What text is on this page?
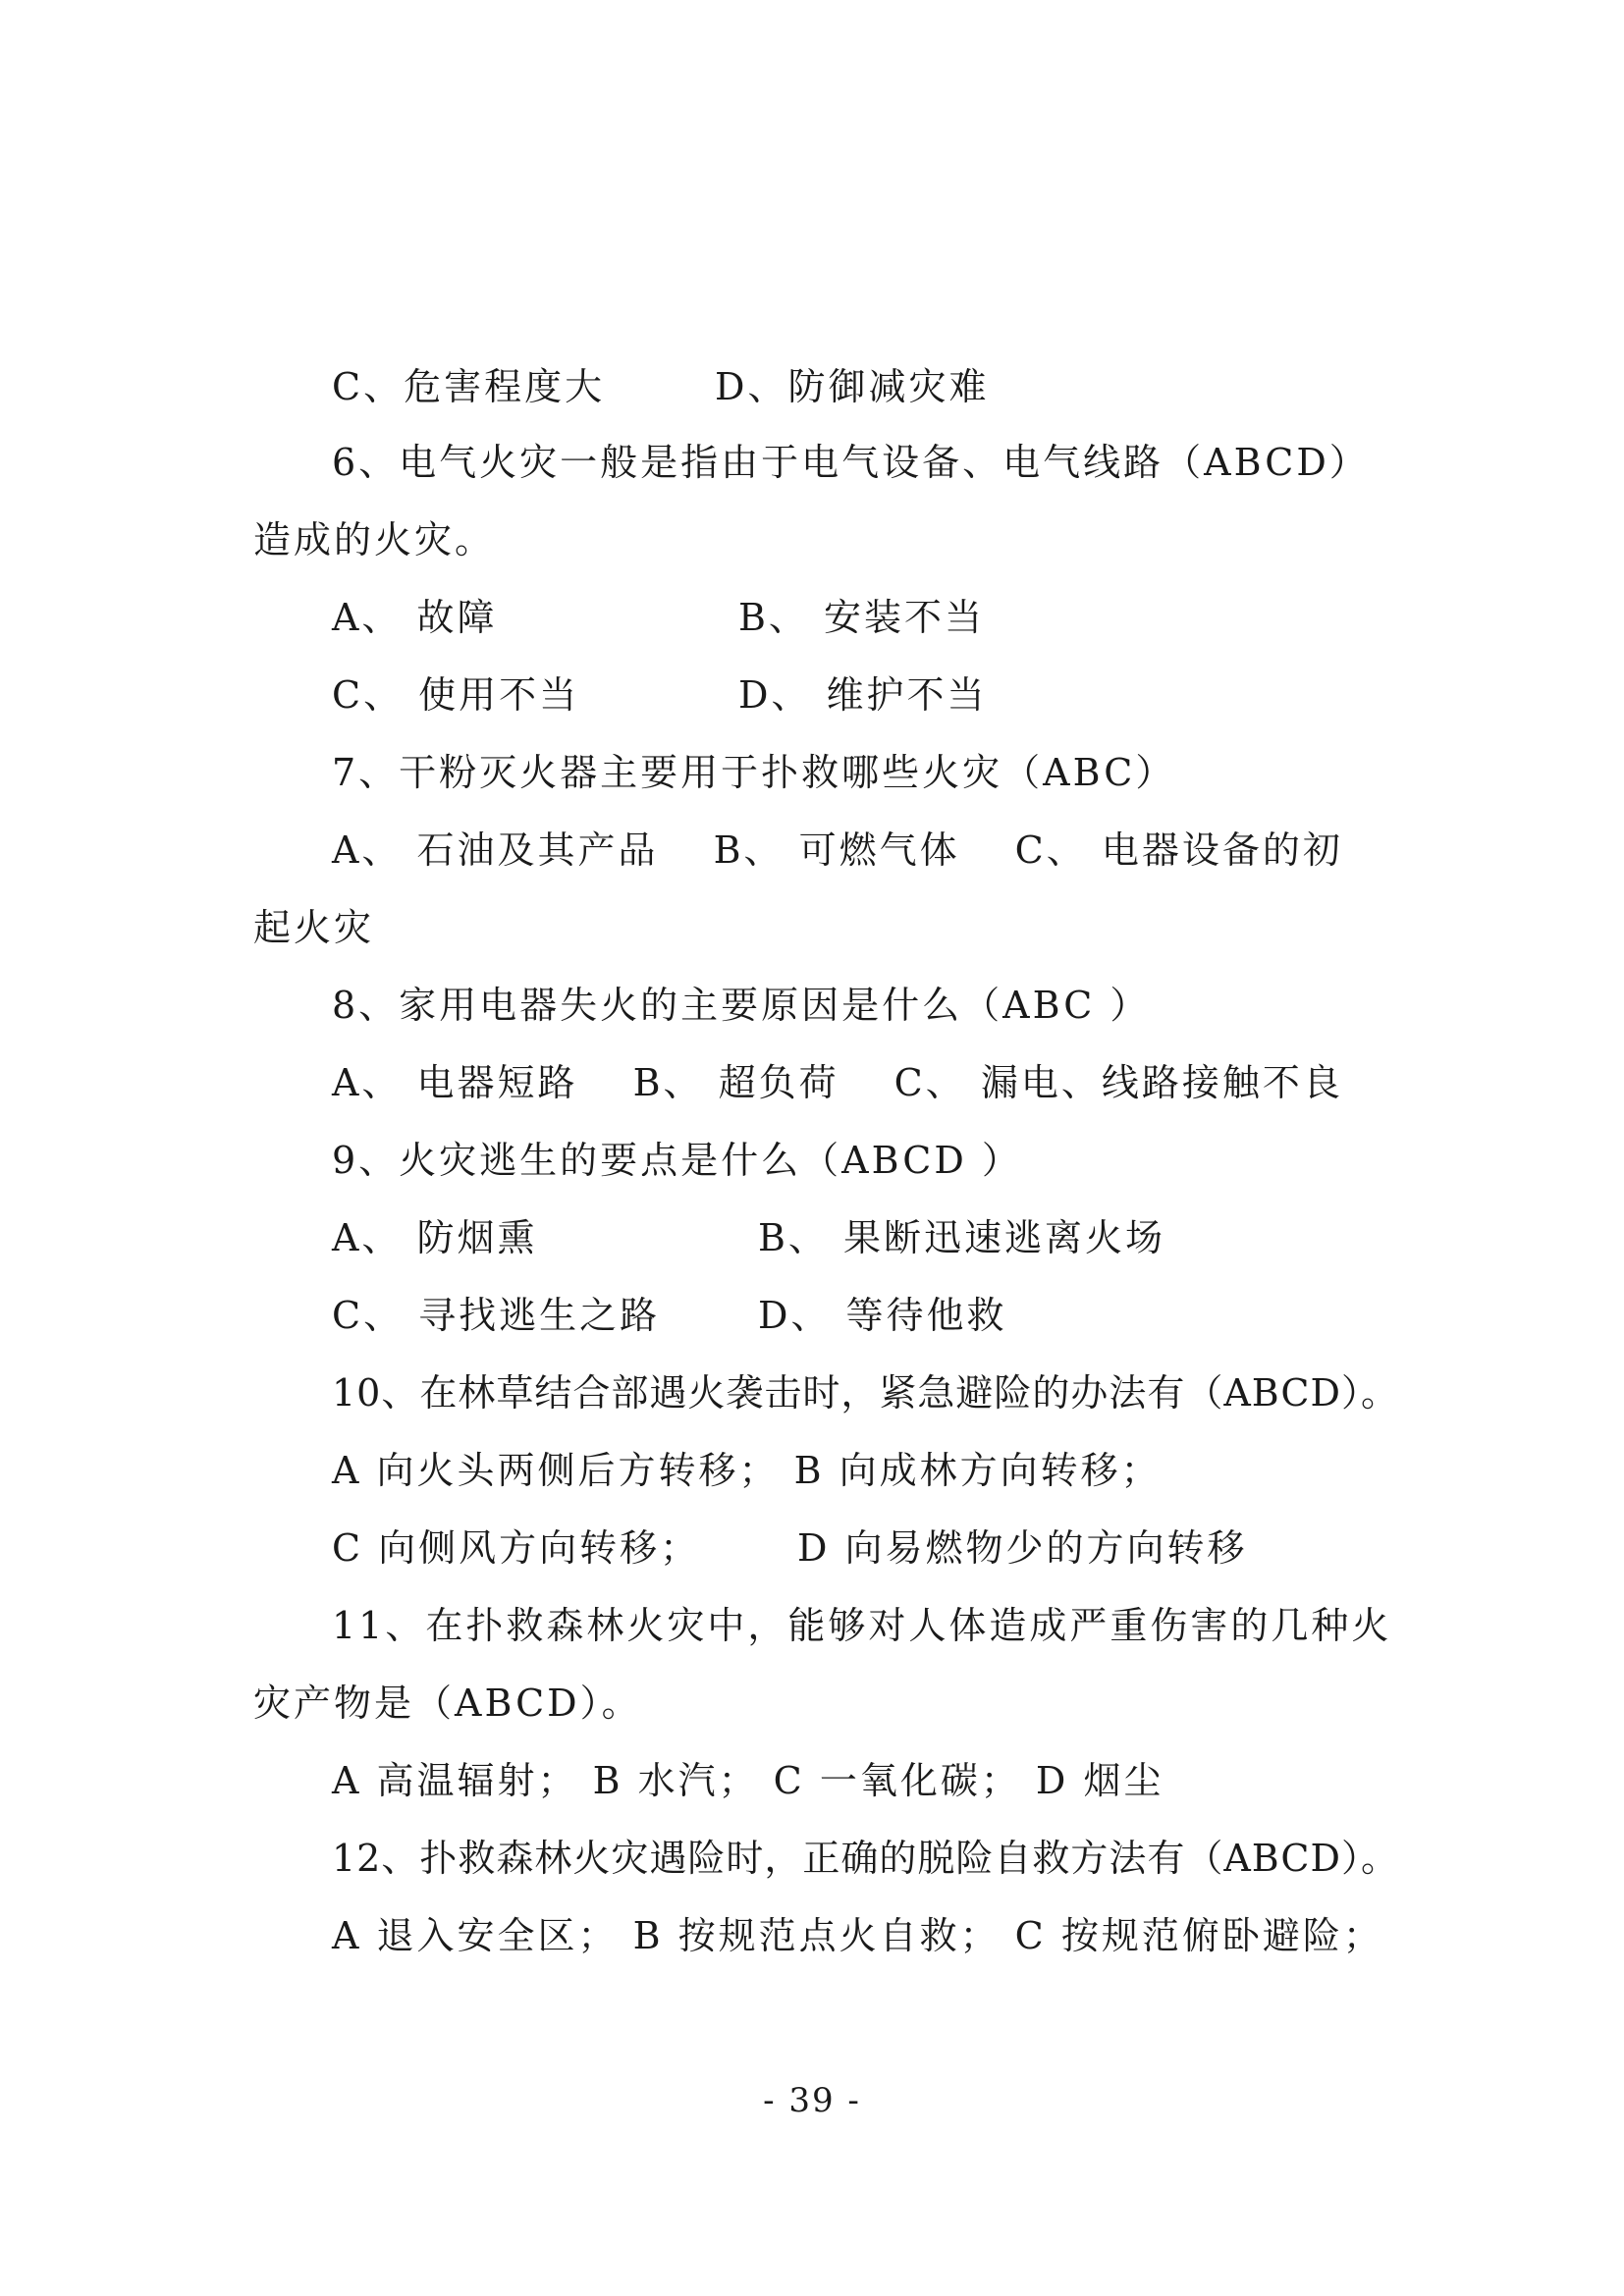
C、危害程度大	D、防御减灾难
6、电气火灾一般是指由于电气设备、电气线路（ABCD）
造成的火灾。
A、 故障	B、 安装不当
C、 使用不当	D、 维护不当
7、干粉灭火器主要用于扑救哪些火灾（ABC）
A、 石油及其产品　 B、 可燃气体　 C、 电器设备的初
起火灾
8、家用电器失火的主要原因是什么（ABC ）
A、 电器短路　 B、 超负荷　 C、 漏电、线路接触不良
9、火灾逃生的要点是什么（ABCD ）
A、 防烟熏	B、 果断迅速逃离火场
C、 寻找逃生之路	D、 等待他救
10、在林草结合部遇火袭击时，紧急避险的办法有（ABCD）。
A 向火头两侧后方转移； B 向成林方向转移；
C 向侧风方向转移；	D 向易燃物少的方向转移
11、在扑救森林火灾中，能够对人体造成严重伤害的几种火
灾产物是（ABCD）。
A 高温辐射； B 水汽； C 一氧化碳； D 烟尘
12、扑救森林火灾遇险时，正确的脱险自救方法有（ABCD）。
A 退入安全区； B 按规范点火自救； C 按规范俯卧避险；
- 39 -
